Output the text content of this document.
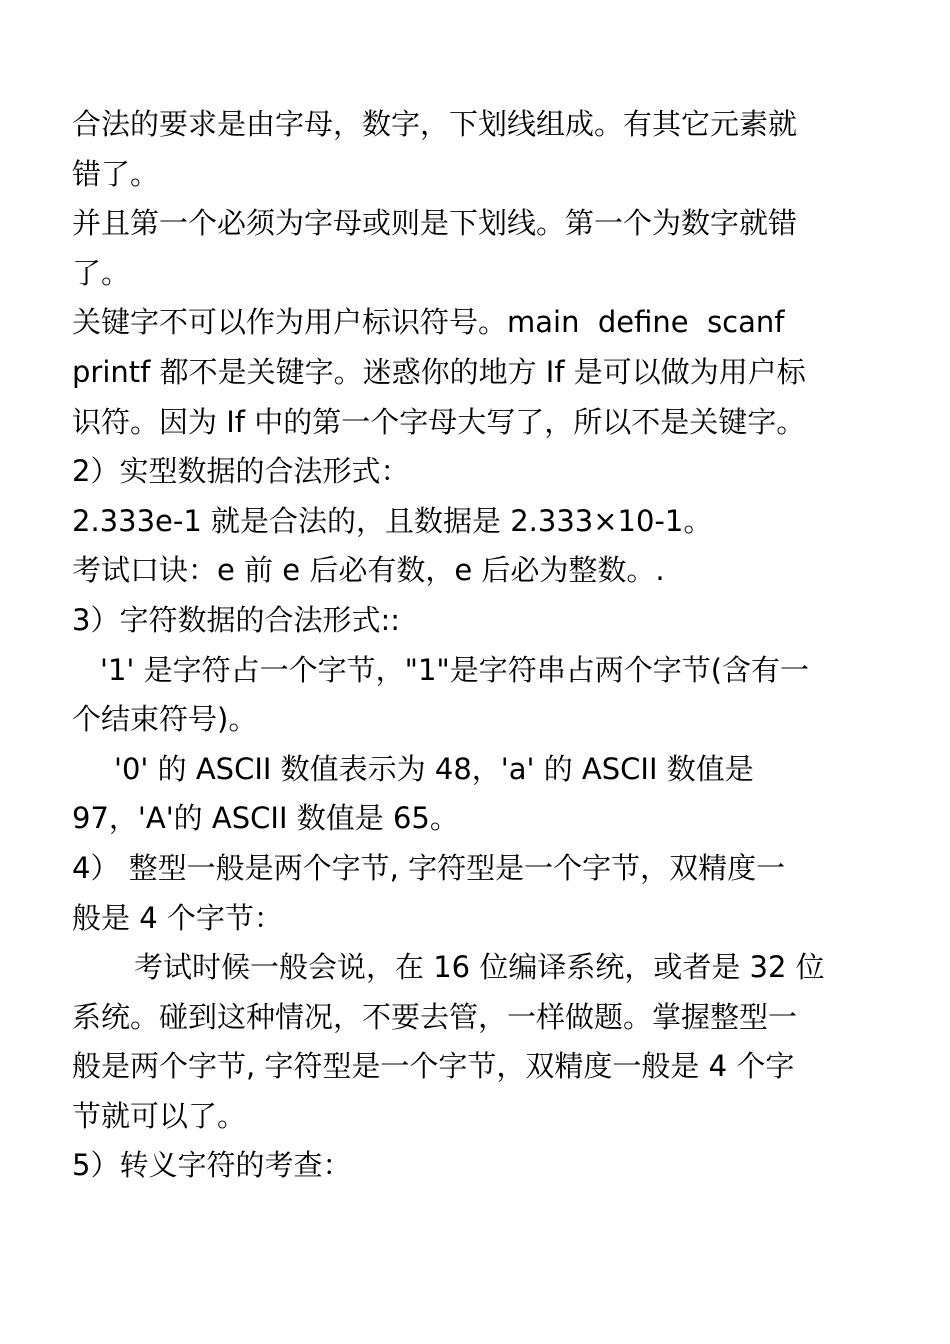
合法的要求是由字母，数字，下划线组成。有其它元素就
错了。
并且第一个必须为字母或则是下划线。第一个为数字就错
了。
关键字不可以作为用户标识符号。main  define  scanf
printf 都不是关键字。迷惑你的地方 If 是可以做为用户标
识符。因为 If 中的第一个字母大写了，所以不是关键字。
2）实型数据的合法形式：
2.333e-1 就是合法的，且数据是 2.333×10-1。
考试口诀：e 前 e 后必有数，e 后必为整数。.
3）字符数据的合法形式::
'1' 是字符占一个字节，"1"是字符串占两个字节(含有一
个结束符号)。
'0' 的 ASCII 数值表示为 48，'a' 的 ASCII 数值是
97，'A'的 ASCII 数值是 65。
4） 整型一般是两个字节, 字符型是一个字节，双精度一
般是 4 个字节：
考试时候一般会说，在 16 位编译系统，或者是 32 位
系统。碰到这种情况，不要去管，一样做题。掌握整型一
般是两个字节, 字符型是一个字节，双精度一般是 4 个字
节就可以了。
5）转义字符的考查：
